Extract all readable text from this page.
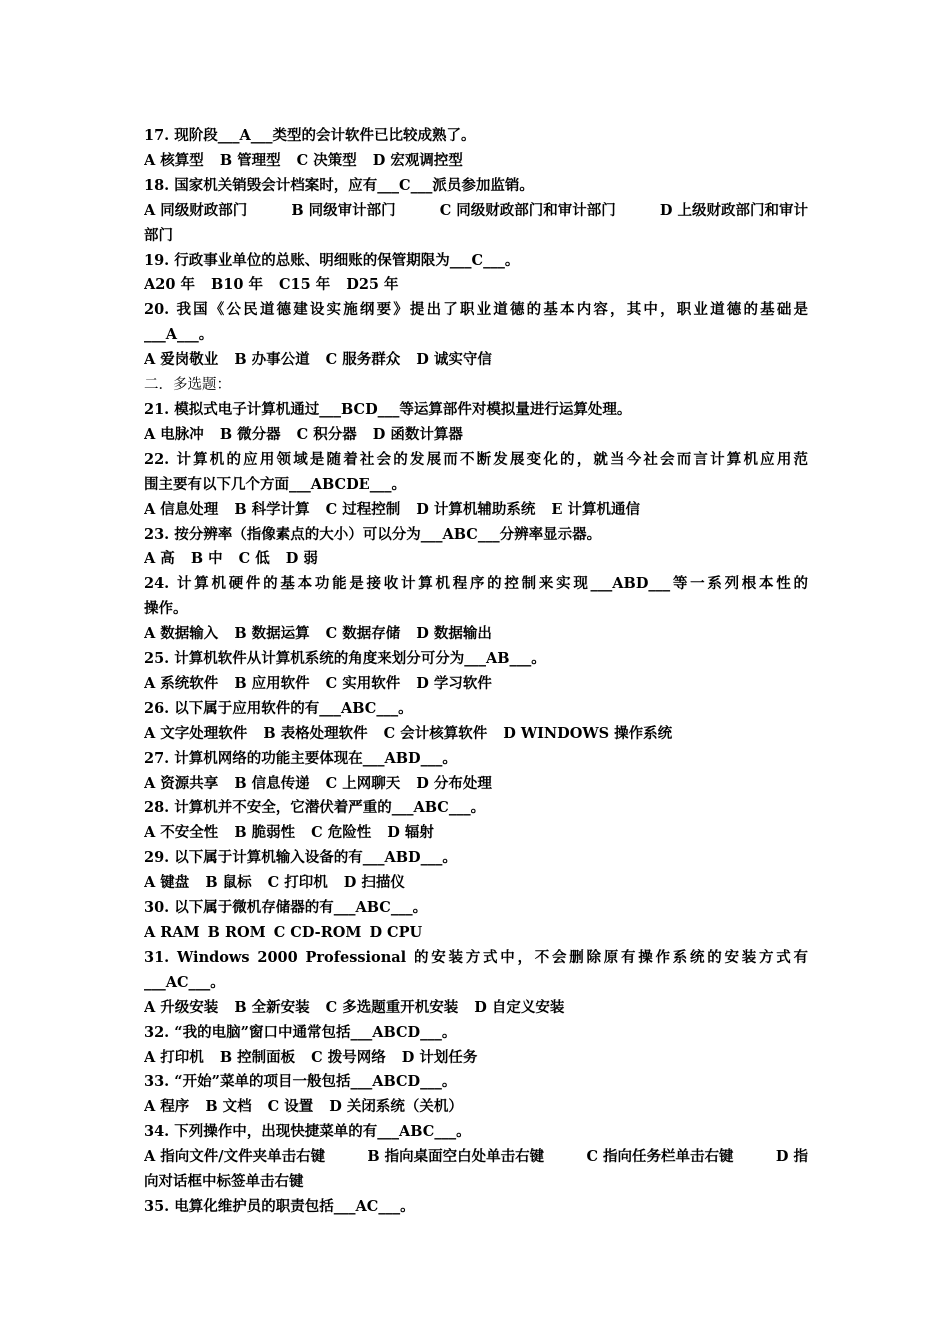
17. 现阶段___A___类型的会计软件已比较成熟了。
A 核算型 B 管理型 C 决策型 D 宏观调控型
18. 国家机关销毁会计档案时，应有___C___派员参加监销。
A 同级财政部门	B 同级审计部门	C 同级财政部门和审计部门	D 上级财政部门和审计
部门
19. 行政事业单位的总账、明细账的保管期限为___C___。
A20 年 B10 年 C15 年 D25 年
20. 我国《公民道德建设实施纲要》提出了职业道德的基本内容，其中，职业道德的基础是
___A___。
A 爱岗敬业 B 办事公道 C 服务群众 D 诚实守信
二．多选题：
21. 模拟式电子计算机通过___BCD___等运算部件对模拟量进行运算处理。
A 电脉冲 B 微分器 C 积分器 D 函数计算器
22. 计算机的应用领域是随着社会的发展而不断发展变化的，就当今社会而言计算机应用范
围主要有以下几个方面___ABCDE___。
A 信息处理 B 科学计算 C 过程控制 D 计算机辅助系统 E 计算机通信
23. 按分辨率（指像素点的大小）可以分为___ABC___分辨率显示器。
A 高 B 中 C 低 D 弱
24. 计算机硬件的基本功能是接收计算机程序的控制来实现___ABD___等一系列根本性的
操作。
A 数据输入 B 数据运算 C 数据存储 D 数据输出
25. 计算机软件从计算机系统的角度来划分可分为___AB___。
A 系统软件 B 应用软件 C 实用软件 D 学习软件
26. 以下属于应用软件的有___ABC___。
A 文字处理软件 B 表格处理软件 C 会计核算软件 D WINDOWS 操作系统
27. 计算机网络的功能主要体现在___ABD___。
A 资源共享 B 信息传递 C 上网聊天 D 分布处理
28. 计算机并不安全，它潜伏着严重的___ABC___。
A 不安全性 B 脆弱性 C 危险性 D 辐射
29. 以下属于计算机输入设备的有___ABD___。
A 键盘 B 鼠标 C 打印机 D 扫描仪
30. 以下属于微机存储器的有___ABC___。
A RAM B ROM C CD-ROM D CPU
31. Windows 2000 Professional 的安装方式中，不会删除原有操作系统的安装方式有
___AC___。
A 升级安装 B 全新安装 C 多选题重开机安装 D 自定义安装
32. “我的电脑”窗口中通常包括___ABCD___。
A 打印机 B 控制面板 C 拨号网络 D 计划任务
33. “开始”菜单的项目一般包括___ABCD___。
A 程序 B 文档 C 设置 D 关闭系统（关机）
34. 下列操作中，出现快捷菜单的有___ABC___。
A 指向文件/文件夹单击右键	B 指向桌面空白处单击右键	C 指向任务栏单击右键	D 指
向对话框中标签单击右键
35. 电算化维护员的职责包括___AC___。
